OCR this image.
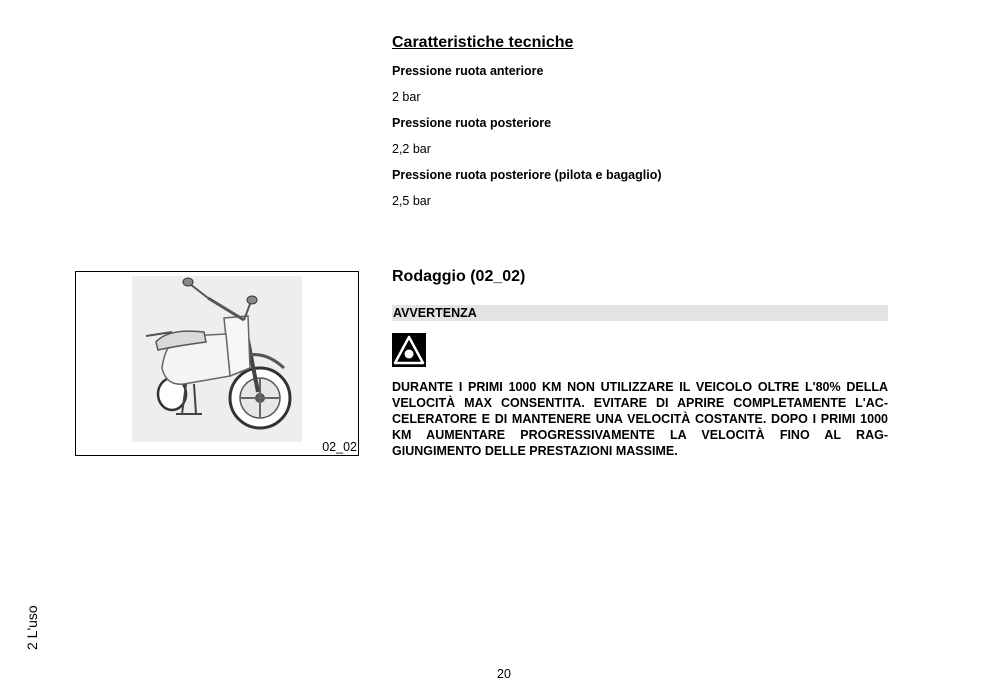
Caratteristiche tecniche
Pressione ruota anteriore
2 bar
Pressione ruota posteriore
2,2 bar
Pressione ruota posteriore (pilota e bagaglio)
2,5 bar
Rodaggio (02_02)
AVVERTENZA
DURANTE I PRIMI 1000 KM NON UTILIZZARE IL VEICOLO OLTRE L'80% DELLA VELOCITÀ MAX CONSENTITA. EVITARE DI APRIRE COMPLETAMENTE L'AC-CELERATORE E DI MANTENERE UNA VELOCITÀ COSTANTE. DOPO I PRIMI 1000 KM AUMENTARE PROGRESSIVAMENTE LA VELOCITÀ FINO AL RAG-GIUNGIMENTO DELLE PRESTAZIONI MASSIME.
02_02
2 L'uso
20
